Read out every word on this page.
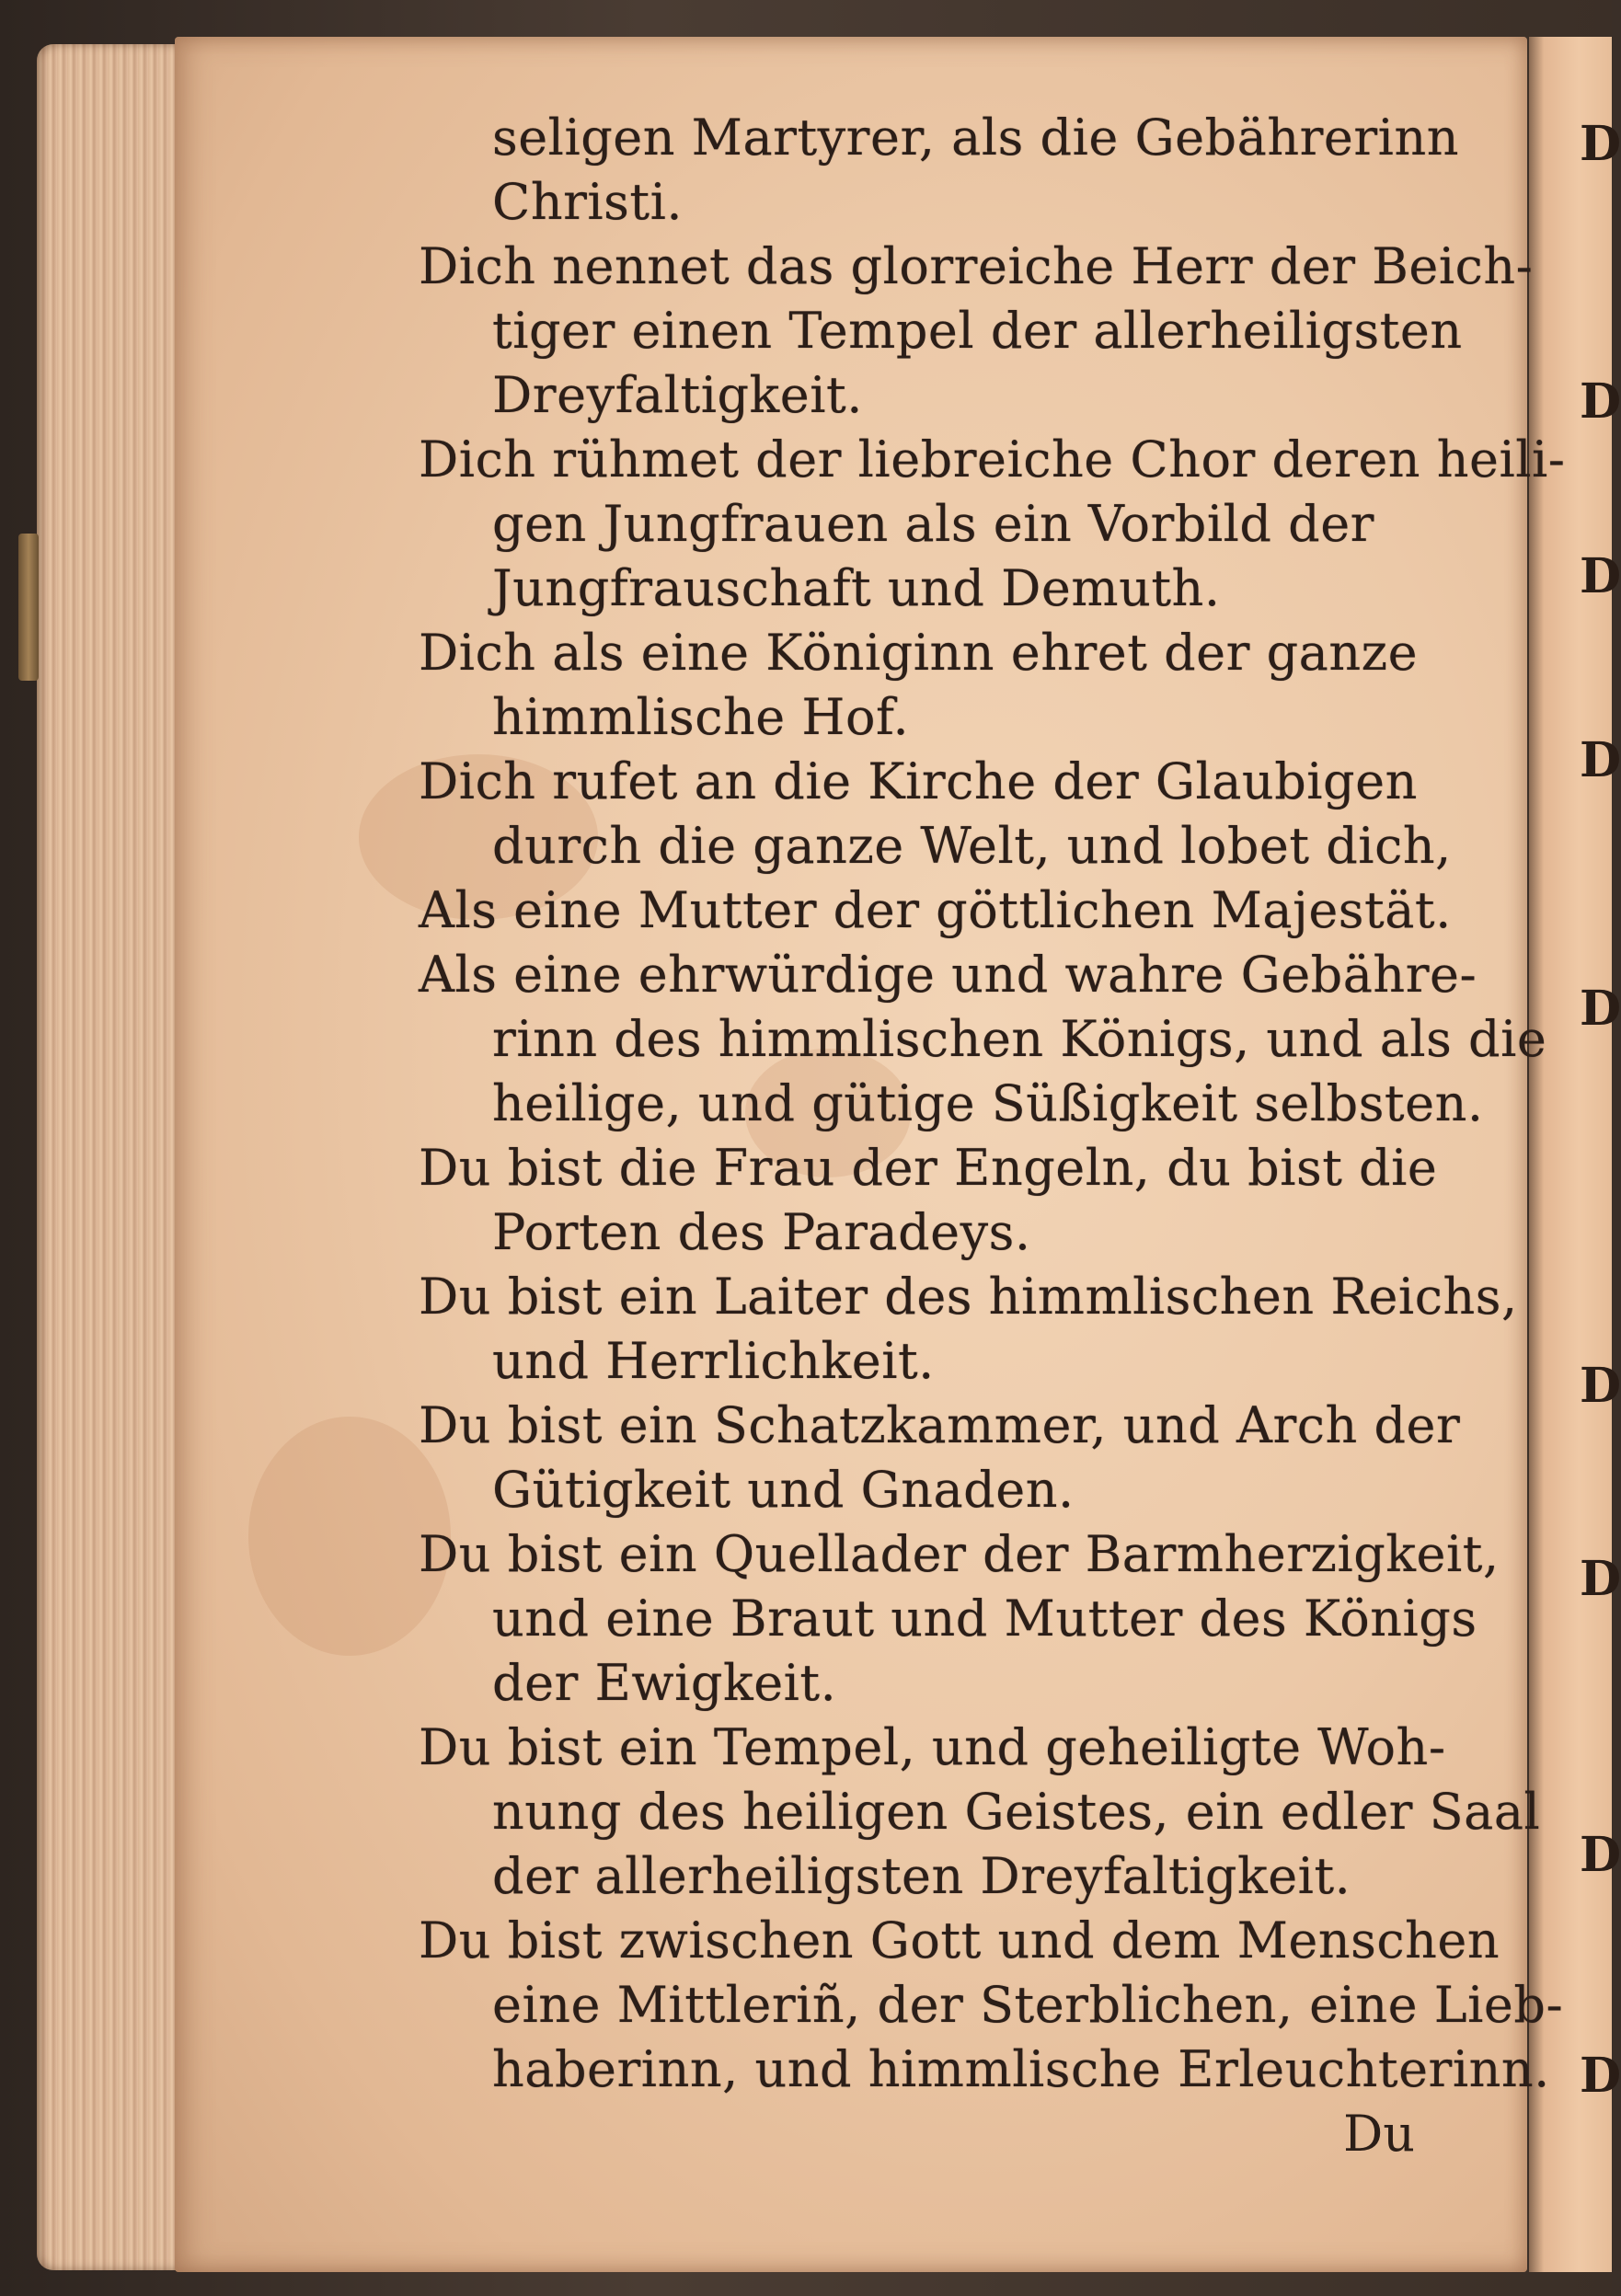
D
D
D
D
D
D
D
D
D
seligen Martyrer, als die Gebährerinn
Christi.
Dich nennet das glorreiche Herr der Beich-
tiger einen Tempel der allerheiligsten
Dreyfaltigkeit.
Dich rühmet der liebreiche Chor deren heili-
gen Jungfrauen als ein Vorbild der
Jungfrauschaft und Demuth.
Dich als eine Königinn ehret der ganze
himmlische Hof.
Dich rufet an die Kirche der Glaubigen
durch die ganze Welt, und lobet dich,
Als eine Mutter der göttlichen Majestät.
Als eine ehrwürdige und wahre Gebähre-
rinn des himmlischen Königs, und als die
heilige, und gütige Süßigkeit selbsten.
Du bist die Frau der Engeln, du bist die
Porten des Paradeys.
Du bist ein Laiter des himmlischen Reichs,
und Herrlichkeit.
Du bist ein Schatzkammer, und Arch der
Gütigkeit und Gnaden.
Du bist ein Quellader der Barmherzigkeit,
und eine Braut und Mutter des Königs
der Ewigkeit.
Du bist ein Tempel, und geheiligte Woh-
nung des heiligen Geistes, ein edler Saal
der allerheiligsten Dreyfaltigkeit.
Du bist zwischen Gott und dem Menschen
eine Mittleriñ, der Sterblichen, eine Lieb-
haberinn, und himmlische Erleuchterinn.
Du
